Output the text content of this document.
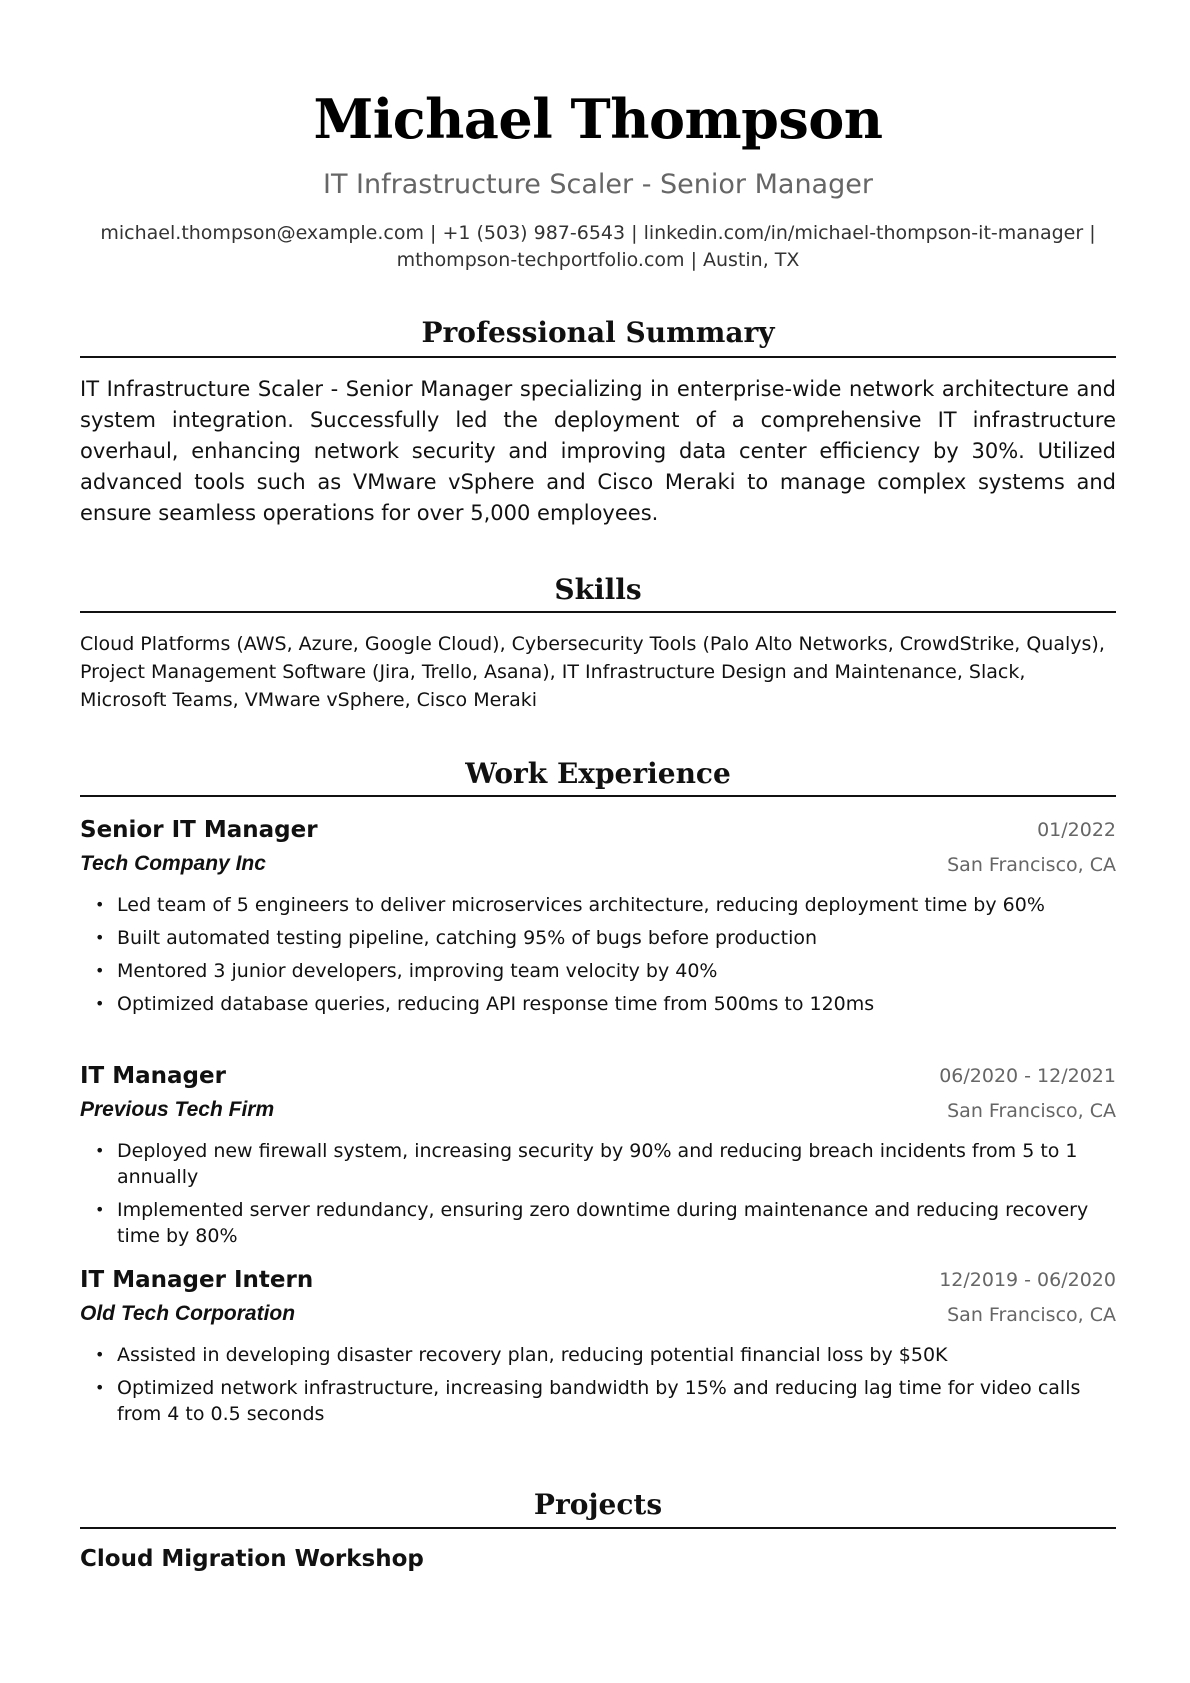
Michael Thompson
IT Infrastructure Scaler - Senior Manager
michael.thompson@example.com | +1 (503) 987-6543 | linkedin.com/in/michael-thompson-it-manager |
mthompson-techportfolio.com | Austin, TX
Professional Summary

IT Infrastructure Scaler - Senior Manager specializing in enterprise-wide network architecture and system integration. Successfully led the deployment of a comprehensive IT infrastructure overhaul, enhancing network security and improving data center efficiency by 30%. Utilized advanced tools such as VMware vSphere and Cisco Meraki to manage complex systems and ensure seamless operations for over 5,000 employees.

Skills

Cloud Platforms (AWS, Azure, Google Cloud), Cybersecurity Tools (Palo Alto Networks, CrowdStrike, Qualys), Project Management Software (Jira, Trello, Asana), IT Infrastructure Design and Maintenance, Slack, Microsoft Teams, VMware vSphere, Cisco Meraki

Work Experience
Senior IT Manager	01/2022
Tech Company Inc	San Francisco, CA
• Led team of 5 engineers to deliver microservices architecture, reducing deployment time by 60%
• Built automated testing pipeline, catching 95% of bugs before production
• Mentored 3 junior developers, improving team velocity by 40%
• Optimized database queries, reducing API response time from 500ms to 120ms
IT Manager	06/2020 - 12/2021
Previous Tech Firm	San Francisco, CA
• Deployed new firewall system, increasing security by 90% and reducing breach incidents from 5 to 1 annually
• Implemented server redundancy, ensuring zero downtime during maintenance and reducing recovery time by 80%
IT Manager Intern	12/2019 - 06/2020
Old Tech Corporation	San Francisco, CA
• Assisted in developing disaster recovery plan, reducing potential financial loss by $50K
• Optimized network infrastructure, increasing bandwidth by 15% and reducing lag time for video calls from 4 to 0.5 seconds
Projects
Cloud Migration Workshop
